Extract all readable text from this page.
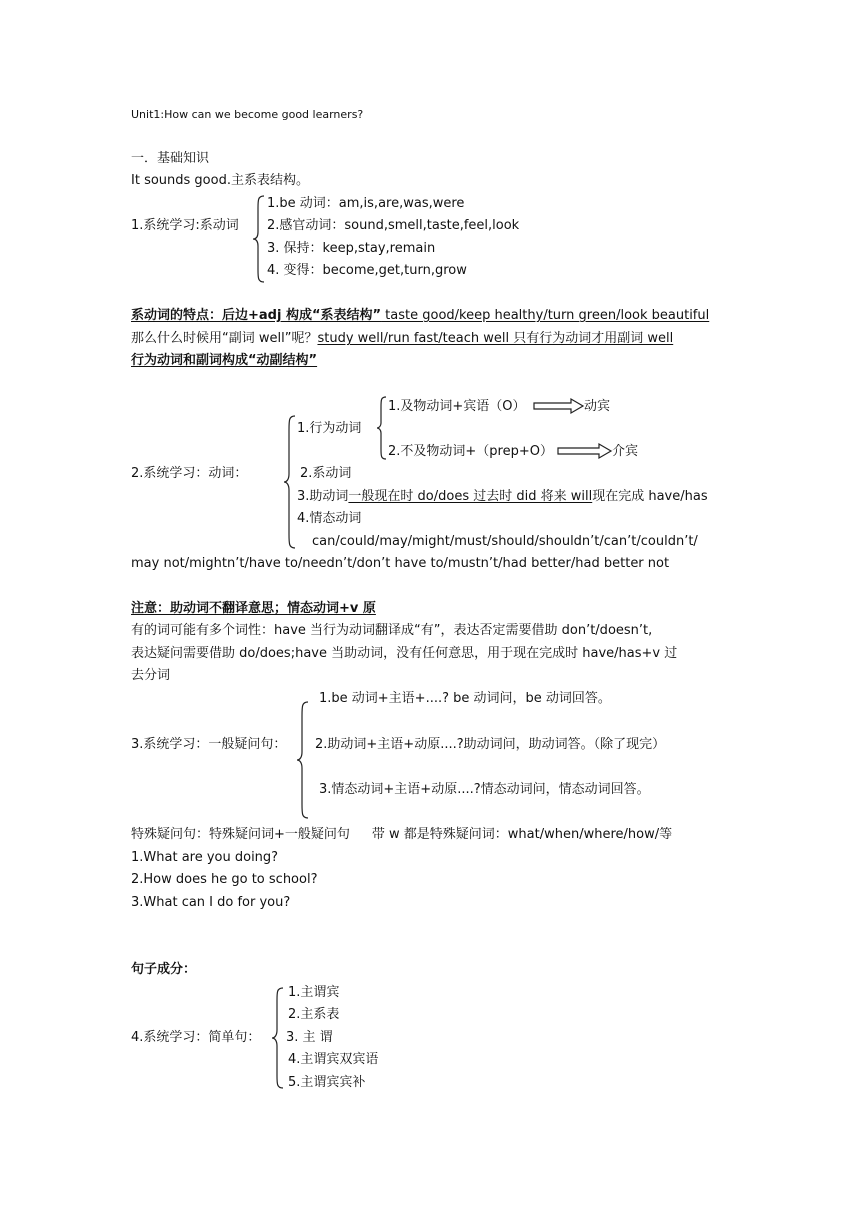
Unit1:How can we become good learners?
一．基础知识
It sounds good.主系表结构。
1.系统学习:系动词
1.be 动词：am,is,are,was,were
2.感官动词：sound,smell,taste,feel,look
3. 保持：keep,stay,remain
4. 变得：become,get,turn,grow
系动词的特点：后边+adj 构成“系表结构” taste good/keep healthy/turn green/look beautiful
那么什么时候用“副词 well”呢？study well/run fast/teach well 只有行为动词才用副词 well
行为动词和副词构成“动副结构”
2.系统学习：动词：
1.行为动词
1.及物动词+宾语（O）	动宾
2.不及物动词+（prep+O）	介宾
2.系动词
3.助动词一般现在时 do/does 过去时 did 将来 will现在完成 have/has
4.情态动词
can/could/may/might/must/should/shouldn’t/can’t/couldn’t/
may not/mightn’t/have to/needn’t/don’t have to/mustn’t/had better/had better not
注意：助动词不翻译意思；情态动词+v 原
有的词可能有多个词性：have 当行为动词翻译成“有”，表达否定需要借助 don’t/doesn’t,
表达疑问需要借助 do/does;have 当助动词，没有任何意思，用于现在完成时 have/has+v 过
去分词
3.系统学习：一般疑问句：
1.be 动词+主语+....? be 动词问，be 动词回答。
2.助动词+主语+动原....?助动词问，助动词答。（除了现完）
3.情态动词+主语+动原....?情态动词问，情态动词回答。
特殊疑问句：特殊疑问词+一般疑问句 带 w 都是特殊疑问词：what/when/where/how/等
1.What are you doing?
2.How does he go to school?
3.What can I do for you?
句子成分：
4.系统学习：简单句：
1.主谓宾
2.主系表
3. 主 谓
4.主谓宾双宾语
5.主谓宾宾补
